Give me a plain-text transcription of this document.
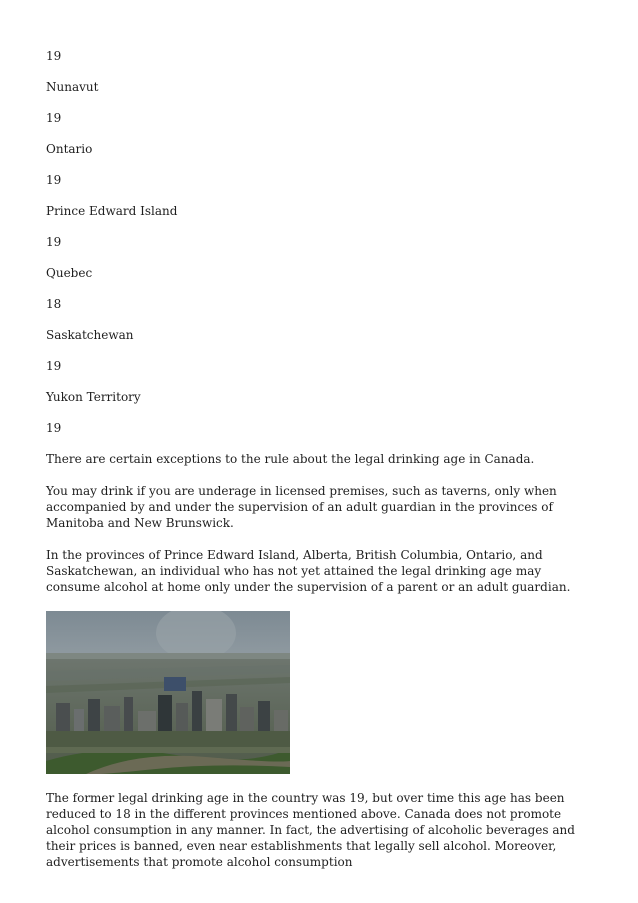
19
Nunavut
19
Ontario
19
Prince Edward Island
19
Quebec
18
Saskatchewan
19
Yukon Territory
19

There are certain exceptions to the rule about the legal drinking age in Canada.

You may drink if you are underage in licensed premises, such as taverns, only when accompanied by and under the supervision of an adult guardian in the provinces of Manitoba and New Brunswick.

In the provinces of Prince Edward Island, Alberta, British Columbia, Ontario, and Saskatchewan, an individual who has not yet attained the legal drinking age may consume alcohol at home only under the supervision of a parent or an adult guardian.

The former legal drinking age in the country was 19, but over time this age has been reduced to 18 in the different provinces mentioned above. Canada does not promote alcohol consumption in any manner. In fact, the advertising of alcoholic beverages and their prices is banned, even near establishments that legally sell alcohol. Moreover, advertisements that promote alcohol consumption
